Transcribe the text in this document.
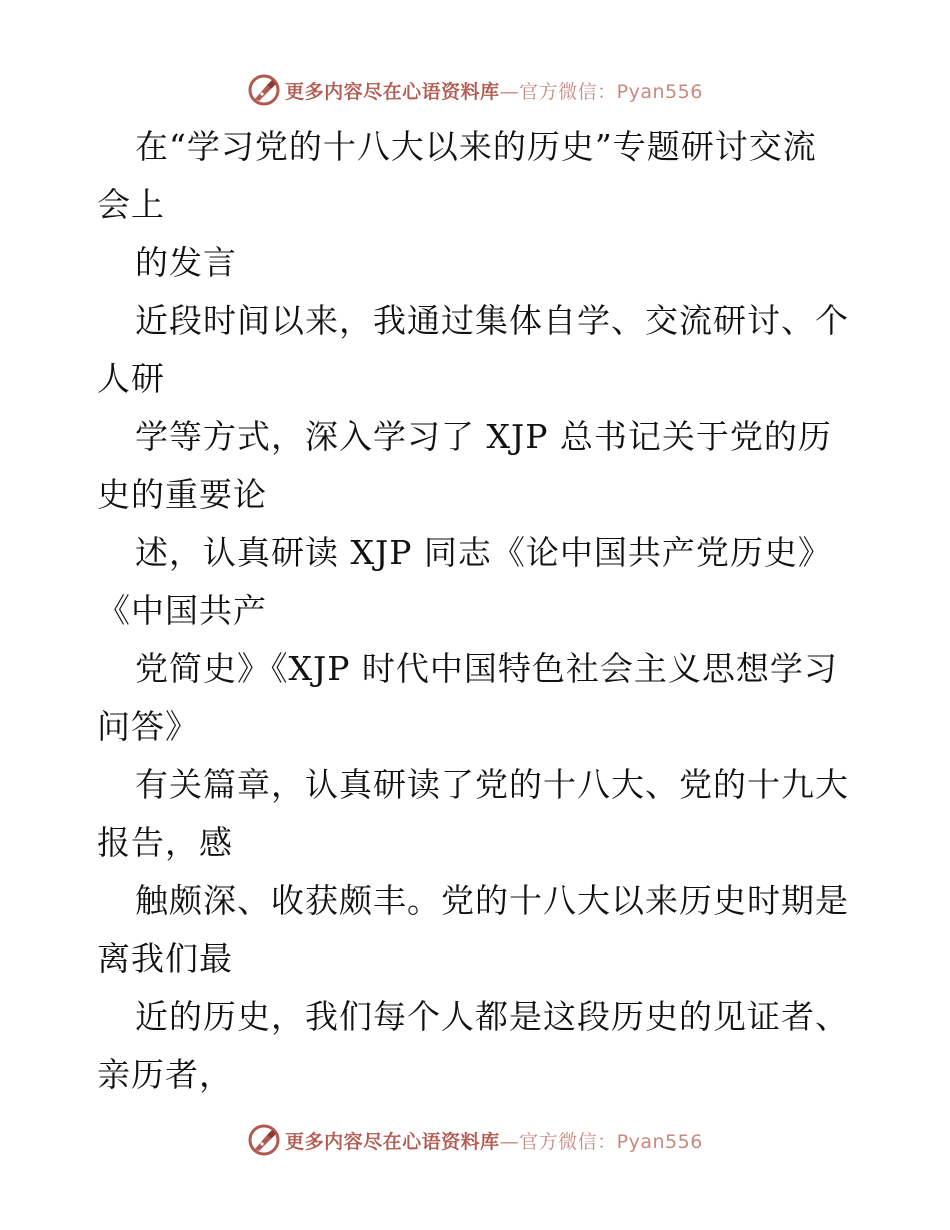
更多内容尽在心语资料库 —官方微信：Pyan556
在“学习党的十八大以来的历史”专题研讨交流
会上
的发言
近段时间以来，我通过集体自学、交流研讨、个
人研
学等方式，深入学习了 XJP 总书记关于党的历
史的重要论
述，认真研读 XJP 同志《论中国共产党历史》
《中国共产
党简史》《XJP 时代中国特色社会主义思想学习
问答》
有关篇章，认真研读了党的十八大、党的十九大
报告，感
触颇深、收获颇丰。党的十八大以来历史时期是
离我们最
近的历史，我们每个人都是这段历史的见证者、
亲历者，
更多内容尽在心语资料库 —官方微信：Pyan556
